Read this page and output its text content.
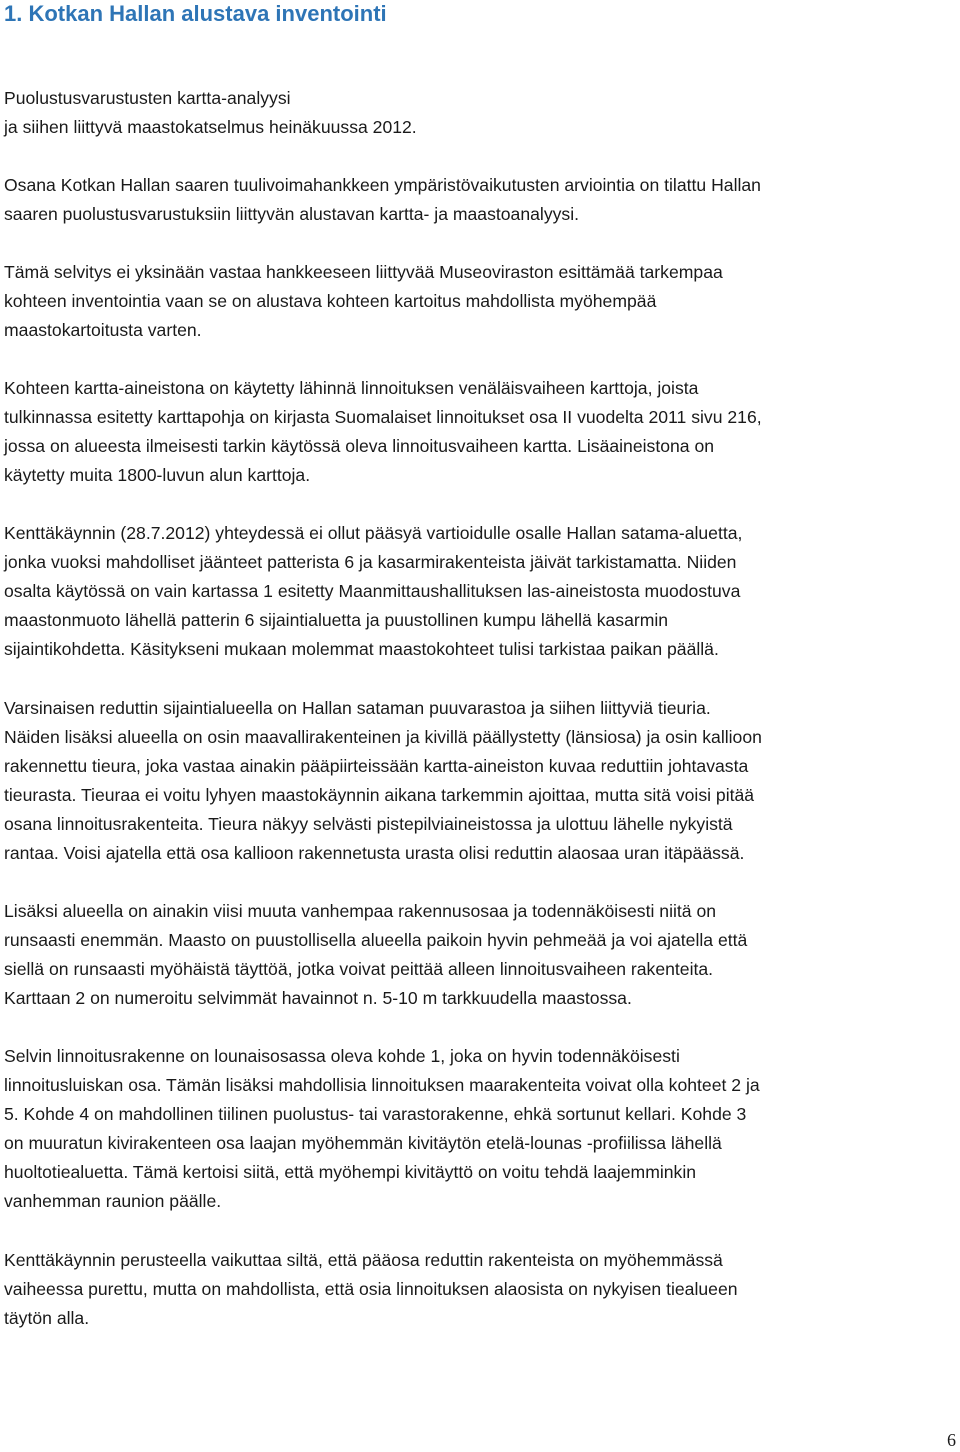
1. Kotkan Hallan alustava inventointi

Puolustusvarustusten kartta-analyysi
ja siihen liittyvä maastokatselmus heinäkuussa 2012.

Osana Kotkan Hallan saaren tuulivoimahankkeen ympäristövaikutusten arviointia on tilattu Hallan
saaren puolustusvarustuksiin liittyvän alustavan kartta- ja maastoanalyysi.

Tämä selvitys ei yksinään vastaa hankkeeseen liittyvää Museoviraston esittämää tarkempaa
kohteen inventointia vaan se on alustava kohteen kartoitus mahdollista myöhempää
maastokartoitusta varten.

Kohteen kartta-aineistona on käytetty lähinnä linnoituksen venäläisvaiheen karttoja, joista
tulkinnassa esitetty karttapohja on kirjasta Suomalaiset linnoitukset osa II vuodelta 2011 sivu 216,
jossa on alueesta ilmeisesti tarkin käytössä oleva linnoitusvaiheen kartta. Lisäaineistona on
käytetty muita 1800-luvun alun karttoja.

Kenttäkäynnin (28.7.2012) yhteydessä ei ollut pääsyä vartioidulle osalle Hallan satama-aluetta,
jonka vuoksi mahdolliset jäänteet patterista 6 ja kasarmirakenteista jäivät tarkistamatta. Niiden
osalta käytössä on vain kartassa 1 esitetty Maanmittaushallituksen las-aineistosta muodostuva
maastonmuoto lähellä patterin 6 sijaintialuetta ja puustollinen kumpu lähellä kasarmin
sijaintikohdetta. Käsitykseni mukaan molemmat maastokohteet tulisi tarkistaa paikan päällä.

Varsinaisen reduttin sijaintialueella on Hallan sataman puuvarastoa ja siihen liittyviä tieuria.
Näiden lisäksi alueella on osin maavallirakenteinen ja kivillä päällystetty (länsiosa) ja osin kallioon
rakennettu tieura, joka vastaa ainakin pääpiirteissään kartta-aineiston kuvaa reduttiin johtavasta
tieurasta. Tieuraa ei voitu lyhyen maastokäynnin aikana tarkemmin ajoittaa, mutta sitä voisi pitää
osana linnoitusrakenteita. Tieura näkyy selvästi pistepilviaineistossa ja ulottuu lähelle nykyistä
rantaa. Voisi ajatella että osa kallioon rakennetusta urasta olisi reduttin alaosaa uran itäpäässä.

Lisäksi alueella on ainakin viisi muuta vanhempaa rakennusosaa ja todennäköisesti niitä on
runsaasti enemmän. Maasto on puustollisella alueella paikoin hyvin pehmeää ja voi ajatella että
siellä on runsaasti myöhäistä täyttöä, jotka voivat peittää alleen linnoitusvaiheen rakenteita.
Karttaan 2 on numeroitu selvimmät havainnot n. 5-10 m tarkkuudella maastossa.

Selvin linnoitusrakenne on lounaisosassa oleva kohde 1, joka on hyvin todennäköisesti
linnoitusluiskan osa. Tämän lisäksi mahdollisia linnoituksen maarakenteita voivat olla kohteet 2 ja
5. Kohde 4 on mahdollinen tiilinen puolustus- tai varastorakenne, ehkä sortunut kellari. Kohde 3
on muuratun kivirakenteen osa laajan myöhemmän kivitäytön etelä-lounas -profiilissa lähellä
huoltotiealuetta. Tämä kertoisi siitä, että myöhempi kivitäyttö on voitu tehdä laajemminkin
vanhemman raunion päälle.

Kenttäkäynnin perusteella vaikuttaa siltä, että pääosa reduttin rakenteista on myöhemmässä
vaiheessa purettu, mutta on mahdollista, että osia linnoituksen alaosista on nykyisen tiealueen
täytön alla.

6
